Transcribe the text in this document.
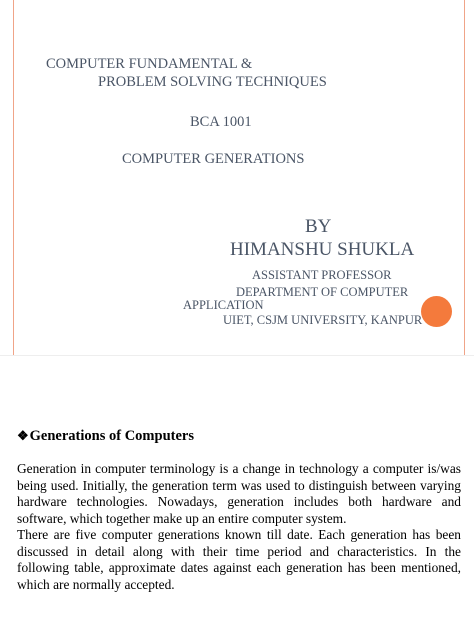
COMPUTER FUNDAMENTAL &
PROBLEM SOLVING TECHNIQUES
BCA 1001
COMPUTER GENERATIONS
BY
HIMANSHU SHUKLA
ASSISTANT PROFESSOR
DEPARTMENT OF COMPUTER
APPLICATION
UIET, CSJM UNIVERSITY, KANPUR
❖Generations of Computers

Generation in computer terminology is a change in technology a computer is/was being used. Initially, the generation term was used to distinguish between varying hardware technologies. Nowadays, generation includes both hardware and software, which together make up an entire computer system.

There are five computer generations known till date. Each generation has been discussed in detail along with their time period and characteristics. In the following table, approximate dates against each generation has been mentioned, which are normally accepted.
